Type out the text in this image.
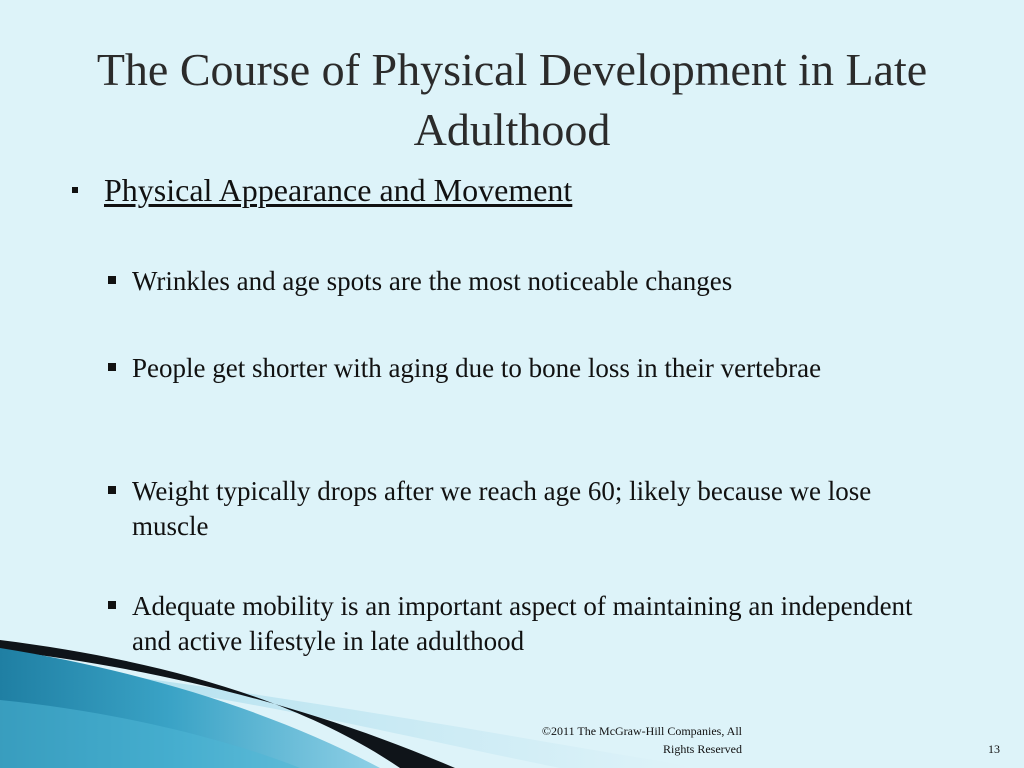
The Course of Physical Development in Late Adulthood
Physical Appearance and Movement
Wrinkles and age spots are the most noticeable changes
People get shorter with aging due to bone loss in their vertebrae
Weight typically drops after we reach age 60; likely because we lose muscle
Adequate mobility is an important aspect of maintaining an independent and active lifestyle in late adulthood
©2011 The McGraw-Hill Companies, All
Rights Reserved	13
